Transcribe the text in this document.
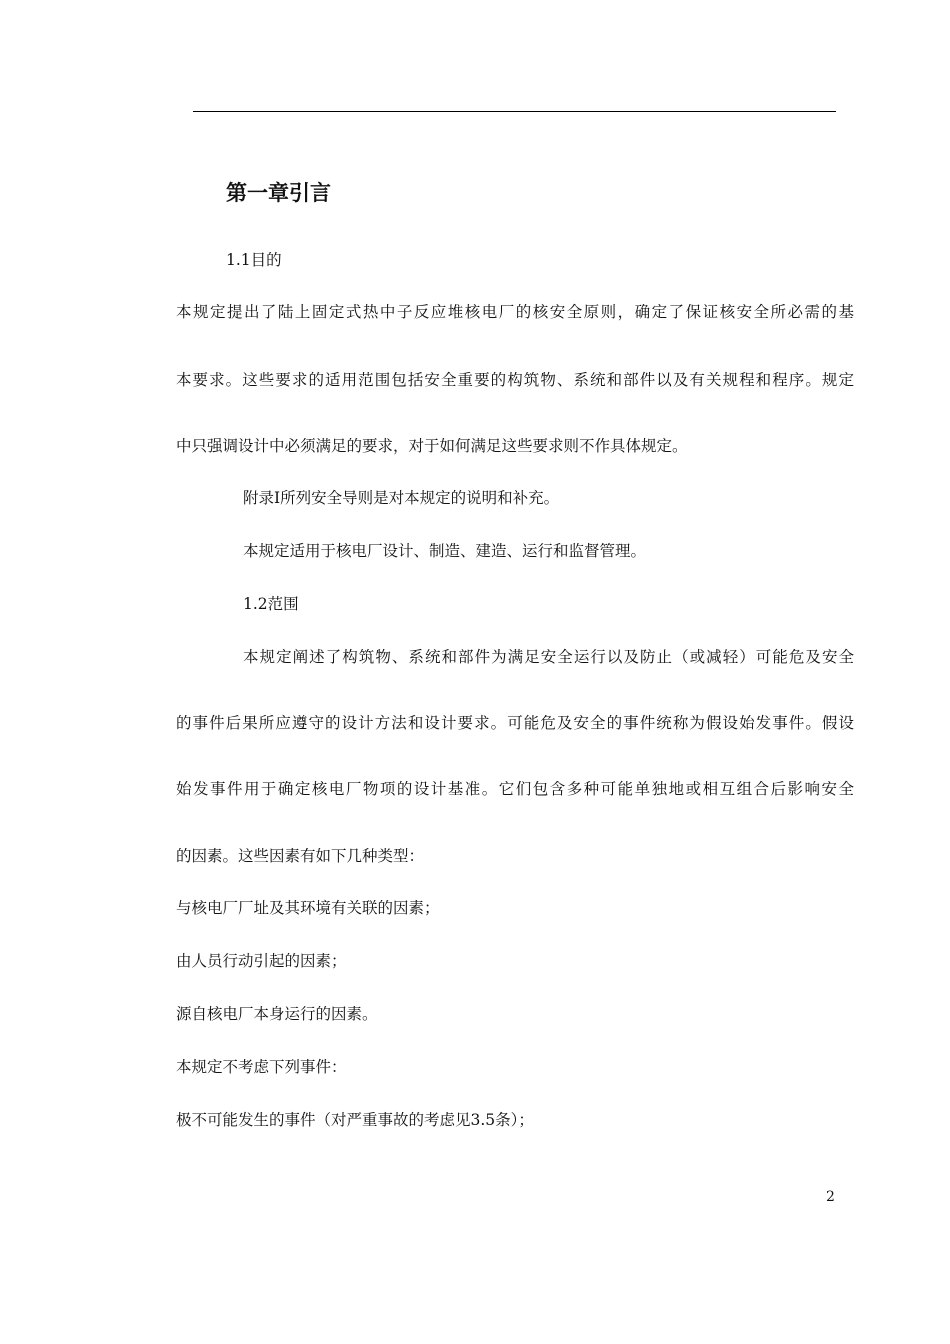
第一章引言
1.1目的
本规定提出了陆上固定式热中子反应堆核电厂的核安全原则，确定了保证核安全所必需的基
本要求。这些要求的适用范围包括安全重要的构筑物、系统和部件以及有关规程和程序。规定
中只强调设计中必须满足的要求，对于如何满足这些要求则不作具体规定。
附录I所列安全导则是对本规定的说明和补充。
本规定适用于核电厂设计、制造、建造、运行和监督管理。
1.2范围
本规定阐述了构筑物、系统和部件为满足安全运行以及防止（或减轻）可能危及安全
的事件后果所应遵守的设计方法和设计要求。可能危及安全的事件统称为假设始发事件。假设
始发事件用于确定核电厂物项的设计基准。它们包含多种可能单独地或相互组合后影响安全
的因素。这些因素有如下几种类型：
与核电厂厂址及其环境有关联的因素；
由人员行动引起的因素；
源自核电厂本身运行的因素。
本规定不考虑下列事件：
极不可能发生的事件（对严重事故的考虑见3.5条）；
2
